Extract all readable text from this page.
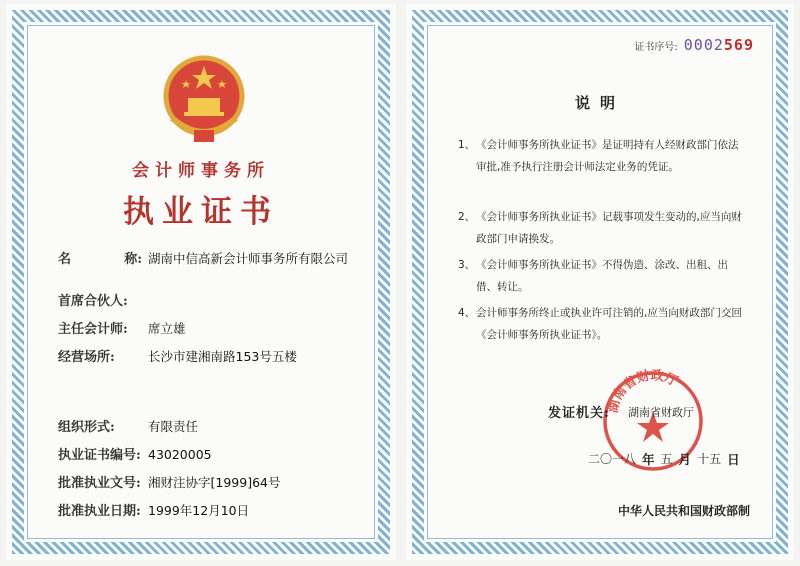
会计师事务所
执业证书
名	称: 湖南中信高新会计师事务所有限公司
首席合伙人:
主任会计师:	席立雄
经营场所:	长沙市建湘南路153号五楼
组织形式:	有限责任
执业证书编号: 43020005
批准执业文号: 湘财注协字[1999]64号
批准执业日期: 1999年12月10日
证书序号: 0002569
说明
1、 《会计师事务所执业证书》是证明持有人经财政部门依法审批,准予执行注册会计师法定业务的凭证。
2、 《会计师事务所执业证书》记载事项发生变动的,应当向财政部门申请换发。
3、 《会计师事务所执业证书》不得伪造、涂改、出租、出借、转让。
4、 会计师事务所终止或执业许可注销的,应当向财政部门交回《会计师事务所执业证书》。
湖南省财政厅
发证机关: 湖南省财政厅
二〇一八 年 五 月 十五 日
中华人民共和国财政部制
